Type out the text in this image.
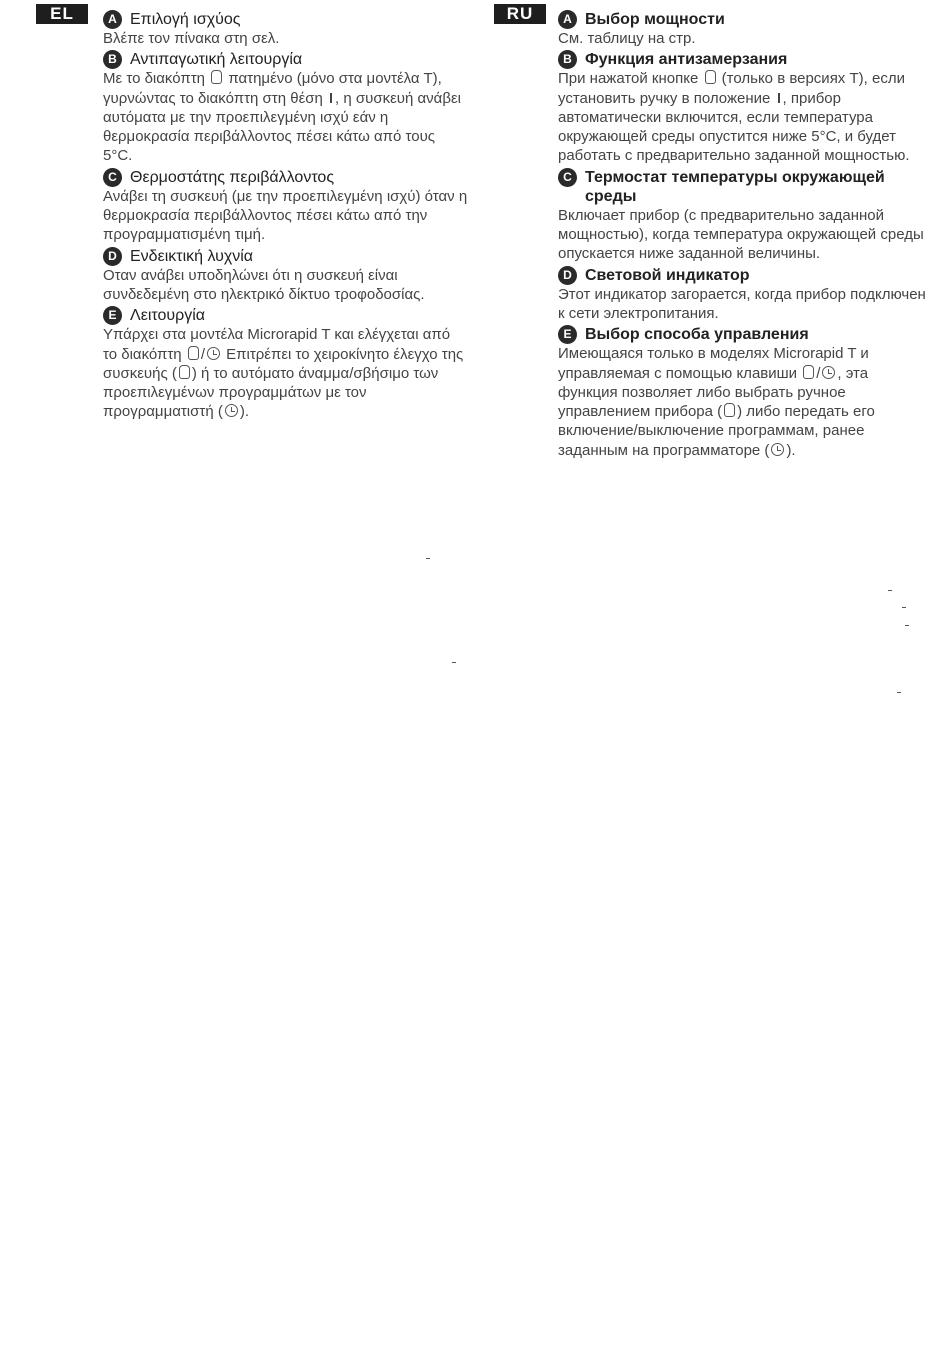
EL	RU
A Επιλογή ισχύος

Βλέπε τον πίνακα στη σελ.

B Αντιπαγωτική λειτουργία

Με το διακόπτη πατημένο (μόνο στα μοντέλα Τ), γυρνώντας το διακόπτη στη θέση , η συσκευή ανάβει αυτόματα με την προεπιλεγμένη ισχύ εάν η θερμοκρασία περιβάλλοντος πέσει κάτω από τους 5°C.

C Θερμοστάτης περιβάλλοντος

Ανάβει τη συσκευή (με την προεπιλεγμένη ισχύ) όταν η θερμοκρασία περιβάλλοντος πέσει κάτω από την προγραμματισμένη τιμή.

D Ενδεικτική λυχνία

Οταν ανάβει υποδηλώνει ότι η συσκευή είναι συνδεδεμένη στο ηλεκτρικό δίκτυο τροφοδοσίας.

E Λειτουργία

Υπάρχει στα μοντέλα Microrapid T και ελέγχεται από το διακόπτη / Επιτρέπει το χειροκίνητο έλεγχο της συσκευής ( ) ή το αυτόματο άναμμα/σβήσιμο των προεπιλεγμένων προγραμμάτων με τον προγραμματιστή ( ).

A Выбор мощности

См. таблицу на стр.

B Функция антизамерзания

При нажатой кнопке (только в версиях Т), если установить ручку в положение , прибор автоматически включится, если температура окружающей среды опустится ниже 5°С, и будет работать с предварительно заданной мощностью.

C Термостат температуры окружающей среды

Включает прибор (с предварительно заданной мощностью), когда температура окружающей среды опускается ниже заданной величины.

D Световой индикатор

Этот индикатор загорается, когда прибор подключен к сети электропитания.

E Выбор способа управления

Имеющаяся только в моделях Microrapid T и управляемая с помощью клавиши / , эта функция позволяет либо выбрать ручное управлением прибора ( ) либо передать его включение/выключение программам, ранее заданным на программаторе ( ).
